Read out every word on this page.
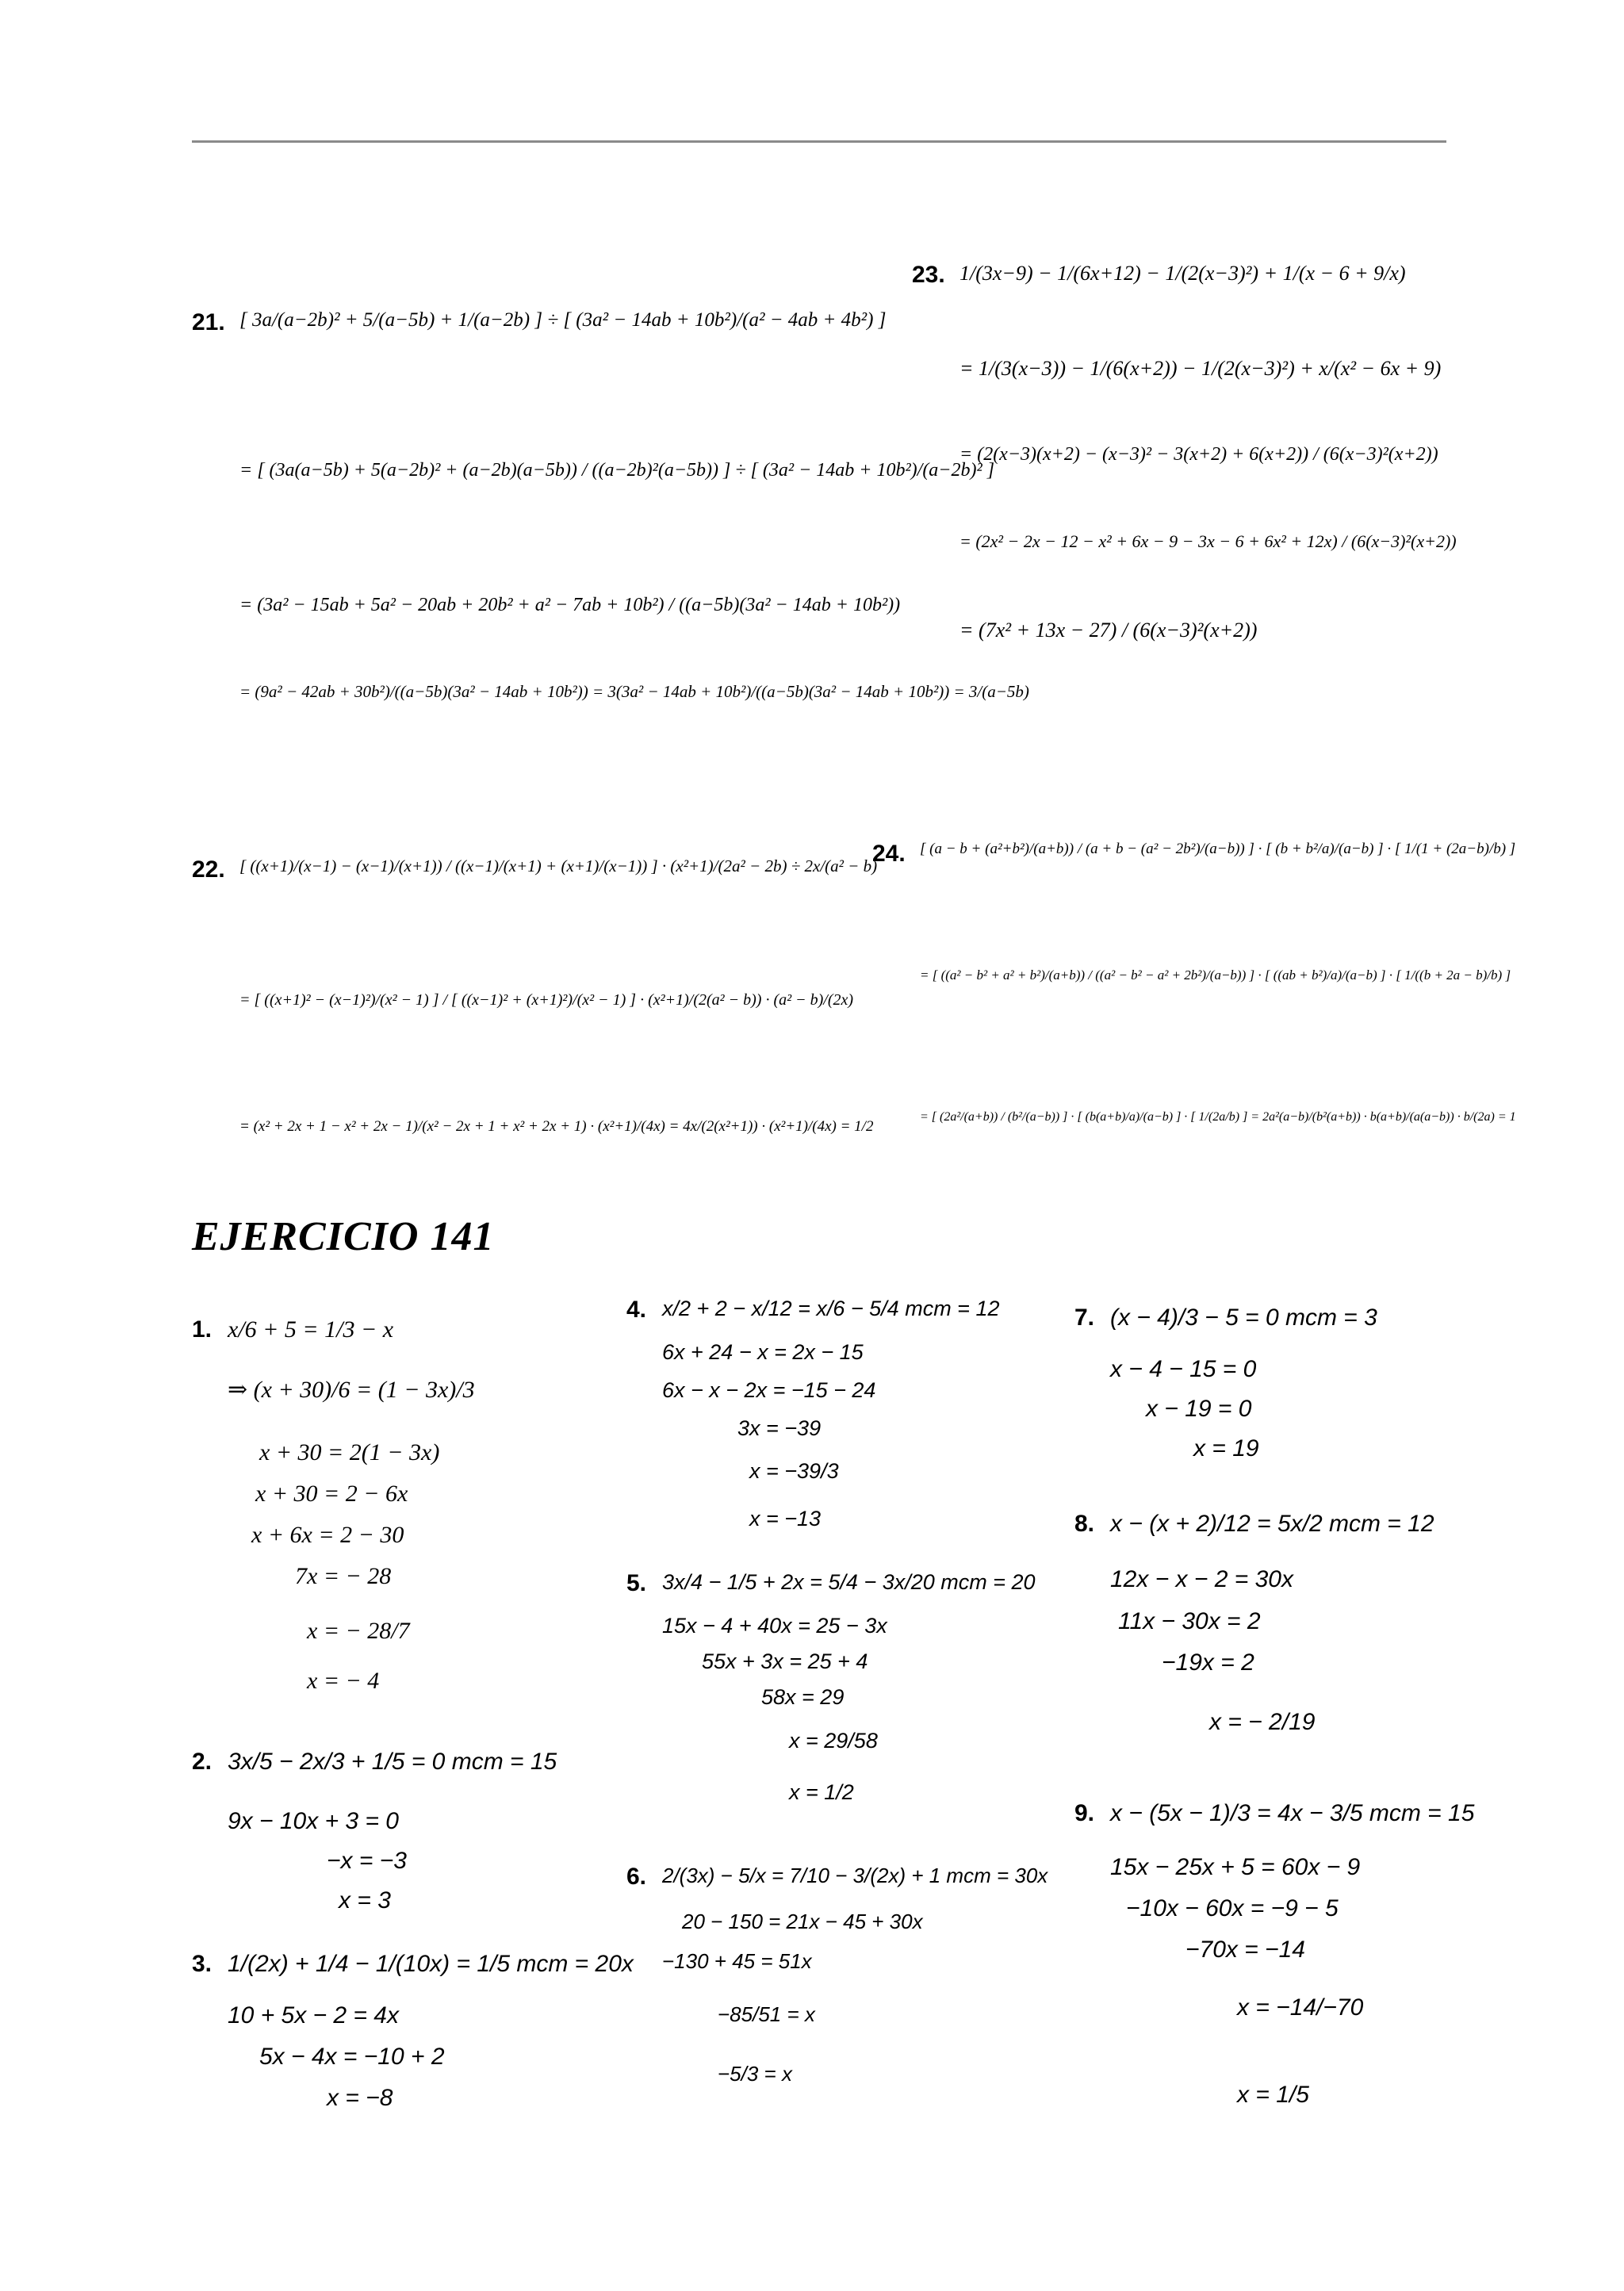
21. [ 3a/(a−2b)² + 5/(a−5b) + 1/(a−2b) ] ÷ [ (3a² − 14ab + 10b²)/(a² − 4ab + 4b²) ]
= [ (3a(a−5b) + 5(a−2b)² + (a−2b)(a−5b)) / ((a−2b)²(a−5b)) ] ÷ [ (3a² − 14ab + 10b²)/(a−2b)² ]
= (3a² − 15ab + 5a² − 20ab + 20b² + a² − 7ab + 10b²) / ((a−5b)(3a² − 14ab + 10b²))
= (9a² − 42ab + 30b²)/((a−5b)(3a² − 14ab + 10b²)) = 3(3a² − 14ab + 10b²)/((a−5b)(3a² − 14ab + 10b²)) = 3/(a−5b)
23. 1/(3x−9) − 1/(6x+12) − 1/(2(x−3)²) + 1/(x − 6 + 9/x)
= 1/(3(x−3)) − 1/(6(x+2)) − 1/(2(x−3)²) + x/(x² − 6x + 9)
= (2(x−3)(x+2) − (x−3)² − 3(x+2) + 6(x+2)) / (6(x−3)²(x+2))
= (2x² − 2x − 12 − x² + 6x − 9 − 3x − 6 + 6x² + 12x) / (6(x−3)²(x+2))
= (7x² + 13x − 27) / (6(x−3)²(x+2))
22. [ ((x+1)/(x−1) − (x−1)/(x+1)) / ((x−1)/(x+1) + (x+1)/(x−1)) ] · (x²+1)/(2a² − 2b) ÷ 2x/(a² − b)
= [ ((x+1)² − (x−1)²)/(x² − 1) ] / [ ((x−1)² + (x+1)²)/(x² − 1) ] · (x²+1)/(2(a² − b)) · (a² − b)/(2x)
= (x² + 2x + 1 − x² + 2x − 1)/(x² − 2x + 1 + x² + 2x + 1) · (x²+1)/(4x) = 4x/(2(x²+1)) · (x²+1)/(4x) = 1/2
24. [ (a − b + (a²+b²)/(a+b)) / (a + b − (a² − 2b²)/(a−b)) ] · [ (b + b²/a)/(a−b) ] · [ 1/(1 + (2a−b)/b) ]
= [ ((a² − b² + a² + b²)/(a+b)) / ((a² − b² − a² + 2b²)/(a−b)) ] · [ ((ab + b²)/a)/(a−b) ] · [ 1/((b + 2a − b)/b) ]
= [ (2a²/(a+b)) / (b²/(a−b)) ] · [ (b(a+b)/a)/(a−b) ] · [ 1/(2a/b) ] = 2a²(a−b)/(b²(a+b)) · b(a+b)/(a(a−b)) · b/(2a) = 1
EJERCICIO 141
1. x/6 + 5 = 1/3 − x
⇒ (x + 30)/6 = (1 − 3x)/3
x + 30 = 2(1 − 3x)
x + 30 = 2 − 6x
x + 6x = 2 − 30
7x = − 28
x = − 28/7
x = − 4
2. 3x/5 − 2x/3 + 1/5 = 0 mcm = 15
9x − 10x + 3 = 0
−x = −3
x = 3
3. 1/(2x) + 1/4 − 1/(10x) = 1/5 mcm = 20x
10 + 5x − 2 = 4x
5x − 4x = −10 + 2
x = −8
4. x/2 + 2 − x/12 = x/6 − 5/4 mcm = 12
6x + 24 − x = 2x − 15
6x − x − 2x = −15 − 24
3x = −39
x = −39/3
x = −13
5. 3x/4 − 1/5 + 2x = 5/4 − 3x/20 mcm = 20
15x − 4 + 40x = 25 − 3x
55x + 3x = 25 + 4
58x = 29
x = 29/58
x = 1/2
6. 2/(3x) − 5/x = 7/10 − 3/(2x) + 1 mcm = 30x
20 − 150 = 21x − 45 + 30x
−130 + 45 = 51x
−85/51 = x
−5/3 = x
7. (x − 4)/3 − 5 = 0 mcm = 3
x − 4 − 15 = 0
x − 19 = 0
x = 19
8. x − (x + 2)/12 = 5x/2 mcm = 12
12x − x − 2 = 30x
11x − 30x = 2
−19x = 2
x = − 2/19
9. x − (5x − 1)/3 = 4x − 3/5 mcm = 15
15x − 25x + 5 = 60x − 9
−10x − 60x = −9 − 5
−70x = −14
x = −14/−70
x = 1/5
